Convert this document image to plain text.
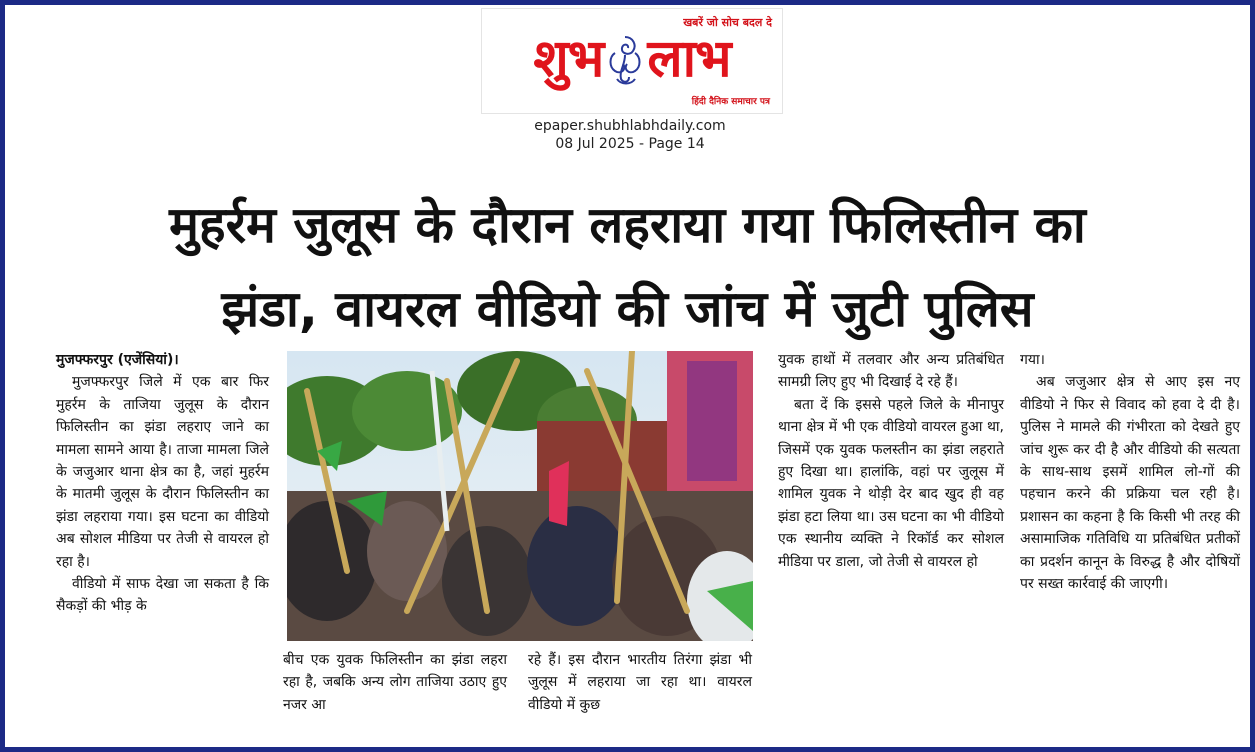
खबरें जो सोच बदल दे
शुभ लाभ
हिंदी दैनिक समाचार पत्र
epaper.shubhlabhdaily.com
08 Jul 2025 - Page 14
मुहर्रम जुलूस के दौरान लहराया गया फिलिस्तीन का
झंडा, वायरल वीडियो की जांच में जुटी पुलिस

मुजफ्फरपुर (एजेंसियां)।

मुजफ्फरपुर जिले में एक बार फिर मुहर्रम के ताजिया जुलूस के दौरान फिलिस्तीन का झंडा लहराए जाने का मामला सामने आया है। ताजा मामला जिले के जजुआर थाना क्षेत्र का है, जहां मुहर्रम के मातमी जुलूस के दौरान फिलिस्तीन का झंडा लहराया गया। इस घटना का वीडियो अब सोशल मीडिया पर तेजी से वायरल हो रहा है।

वीडियो में साफ देखा जा सकता है कि सैकड़ों की भीड़ के

बीच एक युवक फिलिस्तीन का झंडा लहरा रहा है, जबकि अन्य लोग ताजिया उठाए हुए नजर आ

रहे हैं। इस दौरान भारतीय तिरंगा झंडा भी जुलूस में लहराया जा रहा था। वायरल वीडियो में कुछ

युवक हाथों में तलवार और अन्य प्रतिबंधित सामग्री लिए हुए भी दिखाई दे रहे हैं।

बता दें कि इससे पहले जिले के मीनापुर थाना क्षेत्र में भी एक वीडियो वायरल हुआ था, जिसमें एक युवक फलस्तीन का झंडा लहराते हुए दिखा था। हालांकि, वहां पर जुलूस में शामिल युवक ने थोड़ी देर बाद खुद ही वह झंडा हटा लिया था। उस घटना का भी वीडियो एक स्थानीय व्यक्ति ने रिकॉर्ड कर सोशल मीडिया पर डाला, जो तेजी से वायरल हो

गया।

अब जजुआर क्षेत्र से आए इस नए वीडियो ने फिर से विवाद को हवा दे दी है। पुलिस ने मामले की गंभीरता को देखते हुए जांच शुरू कर दी है और वीडियो की सत्यता के साथ-साथ इसमें शामिल लो-गों की पहचान करने की प्रक्रिया चल रही है। प्रशासन का कहना है कि किसी भी तरह की असामाजिक गतिविधि या प्रतिबंधित प्रतीकों का प्रदर्शन कानून के विरुद्ध है और दोषियों पर सख्त कार्रवाई की जाएगी।
